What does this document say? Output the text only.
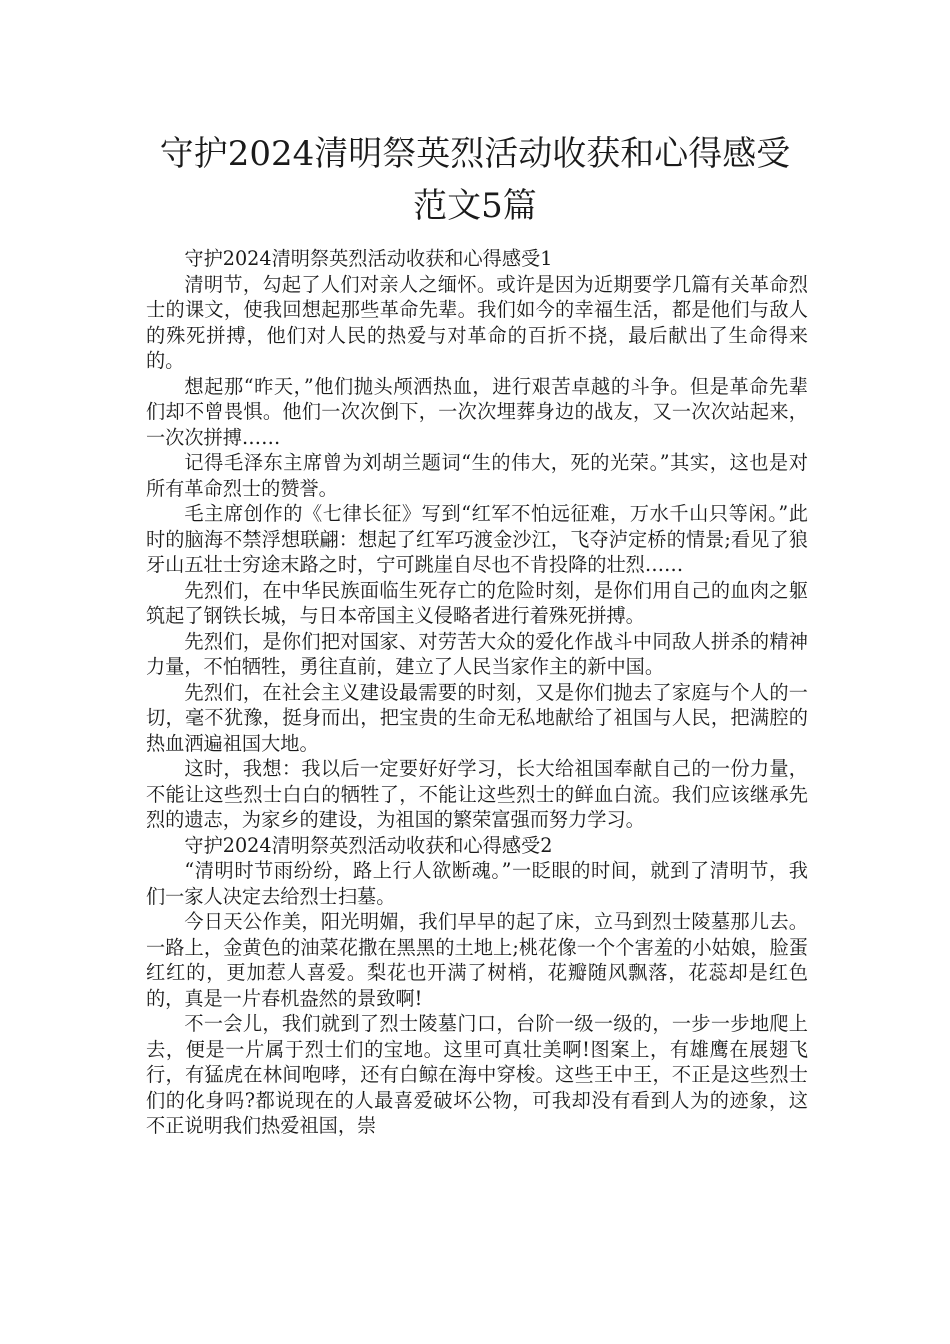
守护2024清明祭英烈活动收获和心得感受
范文5篇

守护2024清明祭英烈活动收获和心得感受1

清明节，勾起了人们对亲人之缅怀。或许是因为近期要学几篇有关革命烈士的课文，使我回想起那些革命先辈。我们如今的幸福生活，都是他们与敌人的殊死拼搏，他们对人民的热爱与对革命的百折不挠，最后献出了生命得来的。

想起那“昨天，”他们抛头颅洒热血，进行艰苦卓越的斗争。但是革命先辈们却不曾畏惧。他们一次次倒下，一次次埋葬身边的战友，又一次次站起来，一次次拼搏……

记得毛泽东主席曾为刘胡兰题词“生的伟大，死的光荣。”其实，这也是对所有革命烈士的赞誉。

毛主席创作的《七律长征》写到“红军不怕远征难，万水千山只等闲。”此时的脑海不禁浮想联翩：想起了红军巧渡金沙江，飞夺泸定桥的情景;看见了狼牙山五壮士穷途末路之时，宁可跳崖自尽也不肯投降的壮烈……

先烈们，在中华民族面临生死存亡的危险时刻，是你们用自己的血肉之躯筑起了钢铁长城，与日本帝国主义侵略者进行着殊死拼搏。

先烈们，是你们把对国家、对劳苦大众的爱化作战斗中同敌人拼杀的精神力量，不怕牺牲，勇往直前，建立了人民当家作主的新中国。

先烈们，在社会主义建设最需要的时刻，又是你们抛去了家庭与个人的一切，毫不犹豫，挺身而出，把宝贵的生命无私地献给了祖国与人民，把满腔的热血洒遍祖国大地。

这时，我想：我以后一定要好好学习，长大给祖国奉献自己的一份力量，不能让这些烈士白白的牺牲了，不能让这些烈士的鲜血白流。我们应该继承先烈的遗志，为家乡的建设，为祖国的繁荣富强而努力学习。

守护2024清明祭英烈活动收获和心得感受2

“清明时节雨纷纷，路上行人欲断魂。”一眨眼的时间，就到了清明节，我们一家人决定去给烈士扫墓。

今日天公作美，阳光明媚，我们早早的起了床，立马到烈士陵墓那儿去。一路上，金黄色的油菜花撒在黑黑的土地上;桃花像一个个害羞的小姑娘，脸蛋红红的，更加惹人喜爱。梨花也开满了树梢，花瓣随风飘落，花蕊却是红色的，真是一片春机盎然的景致啊!

不一会儿，我们就到了烈士陵墓门口，台阶一级一级的，一步一步地爬上去，便是一片属于烈士们的宝地。这里可真壮美啊!图案上，有雄鹰在展翅飞行，有猛虎在林间咆哮，还有白鲸在海中穿梭。这些王中王，不正是这些烈士们的化身吗?都说现在的人最喜爱破坏公物，可我却没有看到人为的迹象，这不正说明我们热爱祖国，崇
